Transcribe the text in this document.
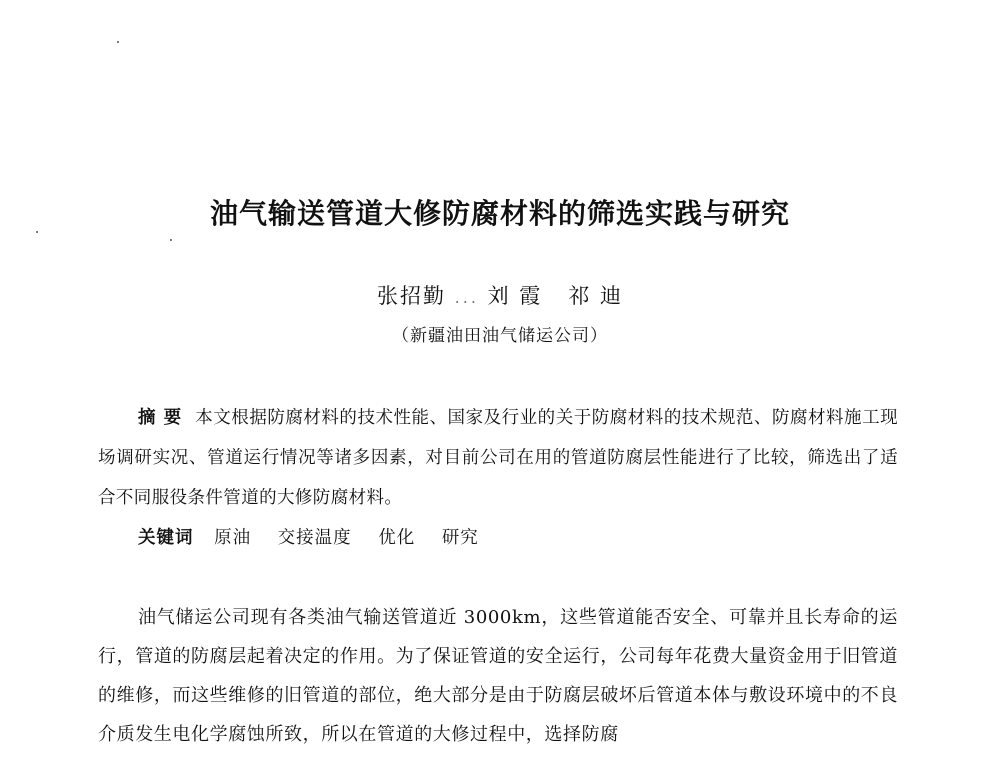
油气输送管道大修防腐材料的筛选实践与研究
张招勤 ... 刘 霞 祁 迪
（新疆油田油气储运公司）
摘要 本文根据防腐材料的技术性能、国家及行业的关于防腐材料的技术规范、防腐材料施工现场调研实况、管道运行情况等诸多因素，对目前公司在用的管道防腐层性能进行了比较，筛选出了适合不同服役条件管道的大修防腐材料。
关键词 原油 交接温度 优化 研究
油气储运公司现有各类油气输送管道近 3000km，这些管道能否安全、可靠并且长寿命的运行，管道的防腐层起着决定的作用。为了保证管道的安全运行，公司每年花费大量资金用于旧管道的维修，而这些维修的旧管道的部位，绝大部分是由于防腐层破坏后管道本体与敷设环境中的不良介质发生电化学腐蚀所致，所以在管道的大修过程中，选择防腐
